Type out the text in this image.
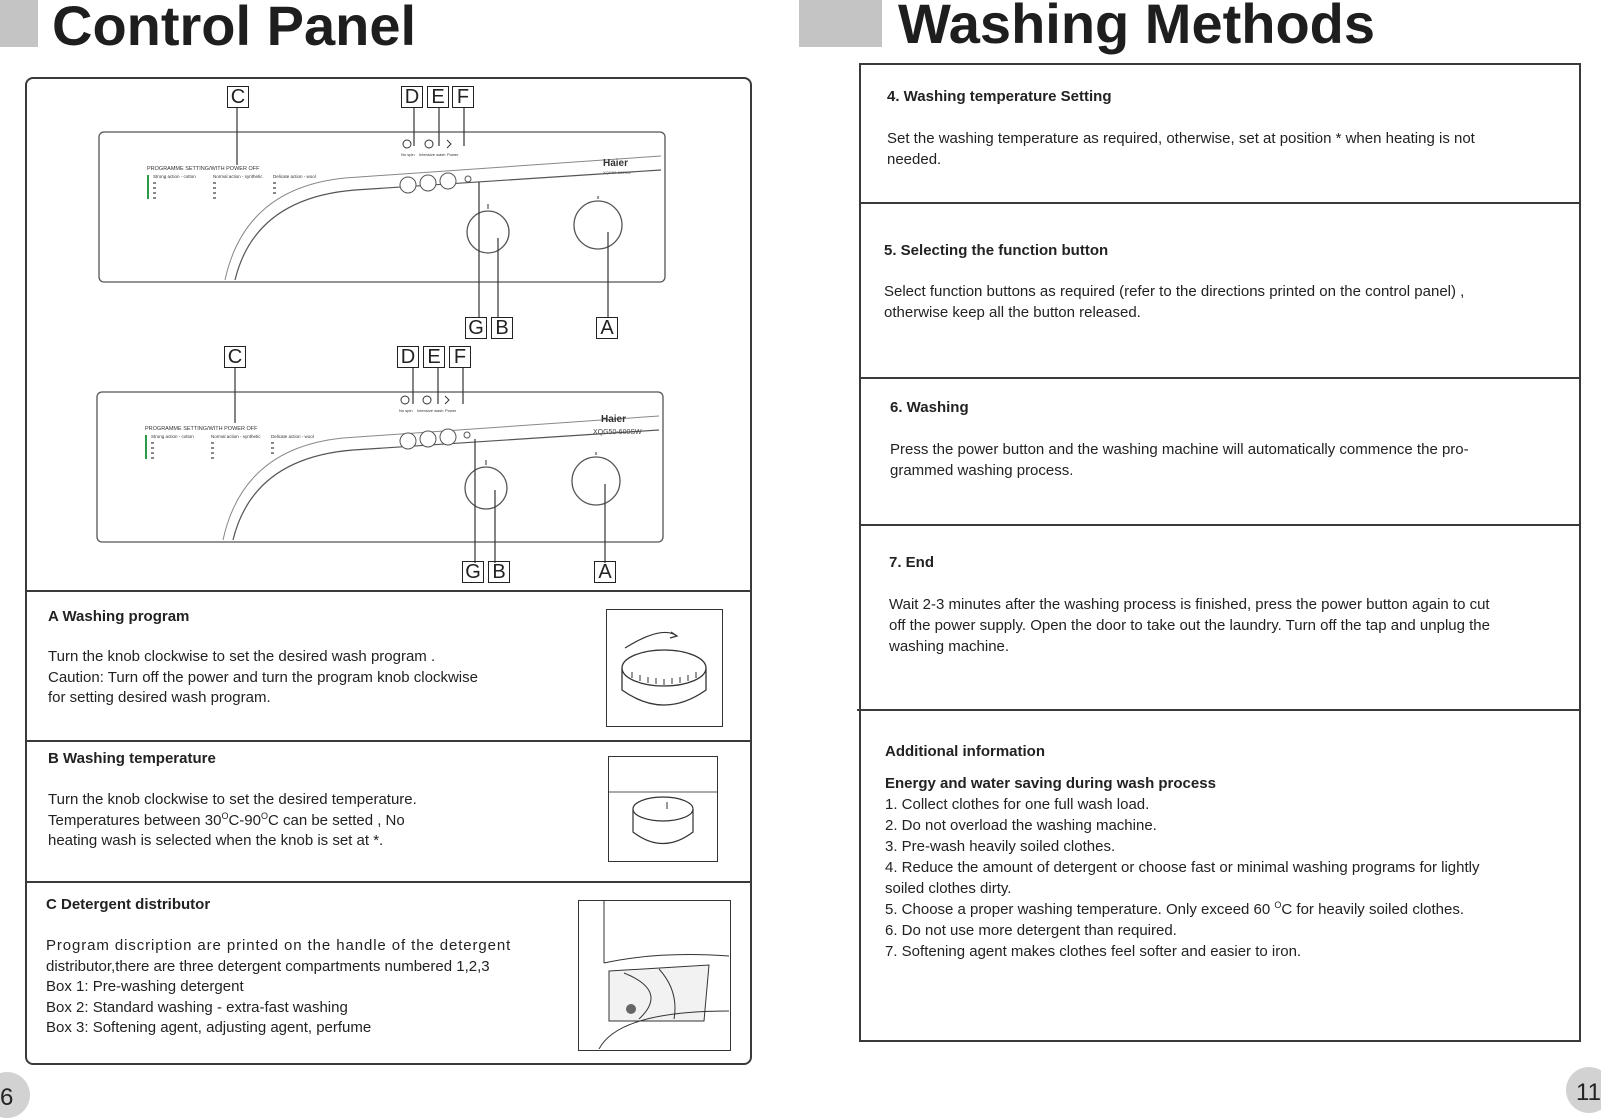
Control Panel
PROGRAMME SETTING/WITH POWER OFF
Strong action - cotton	Normal action - synthetic Delicate action - wool
Haier
XQG50-600SW
No spin Intensive wash Power
PROGRAMME SETTING/WITH POWER OFF
Strong action - cotton	Normal action - synthetic Delicate action - wool
Haier
XQG50-600SW
No spin Intensive wash Power
C	D E F
G B	A
C	D E F
G B	A
A Washing program
Turn the knob clockwise to set the desired wash program .
Caution: Turn off the power and turn the program knob clockwise
for setting desired wash program.
B Washing temperature
Turn the knob clockwise to set the desired temperature.
Temperatures between $30^OC-90^OC$ can be setted , No
heating wash is selected when the knob is set at *.
C Detergent distributor
Program discription are printed on the handle of the detergent
distributor,there are three detergent compartments numbered 1,2,3
Box 1: Pre-washing detergent
Box 2: Standard washing - extra-fast washing
Box 3: Softening agent, adjusting agent, perfume
6
Washing Methods
4. Washing temperature Setting
Set the washing temperature as required, otherwise, set at position * when heating is not
needed.
5. Selecting the function button
Select function buttons as required (refer to the directions printed on the control panel) ,
otherwise keep all the button released.
6. Washing
Press the power button and the washing machine will automatically commence the pro-
grammed washing process.
7. End
Wait 2-3 minutes after the washing process is finished, press the power button again to cut
off the power supply. Open the door to take out the laundry. Turn off the tap and unplug the
washing machine.
Additional information
Energy and water saving during wash process
1. Collect clothes for one full wash load.
2. Do not overload the washing machine.
3. Pre-wash heavily soiled clothes.
4. Reduce the amount of detergent or choose fast or minimal washing programs for lightly
soiled clothes dirty.
5. Choose a proper washing temperature. Only exceed 60 $^O$C for heavily soiled clothes.
6. Do not use more detergent than required.
7. Softening agent makes clothes feel softer and easier to iron.
11
